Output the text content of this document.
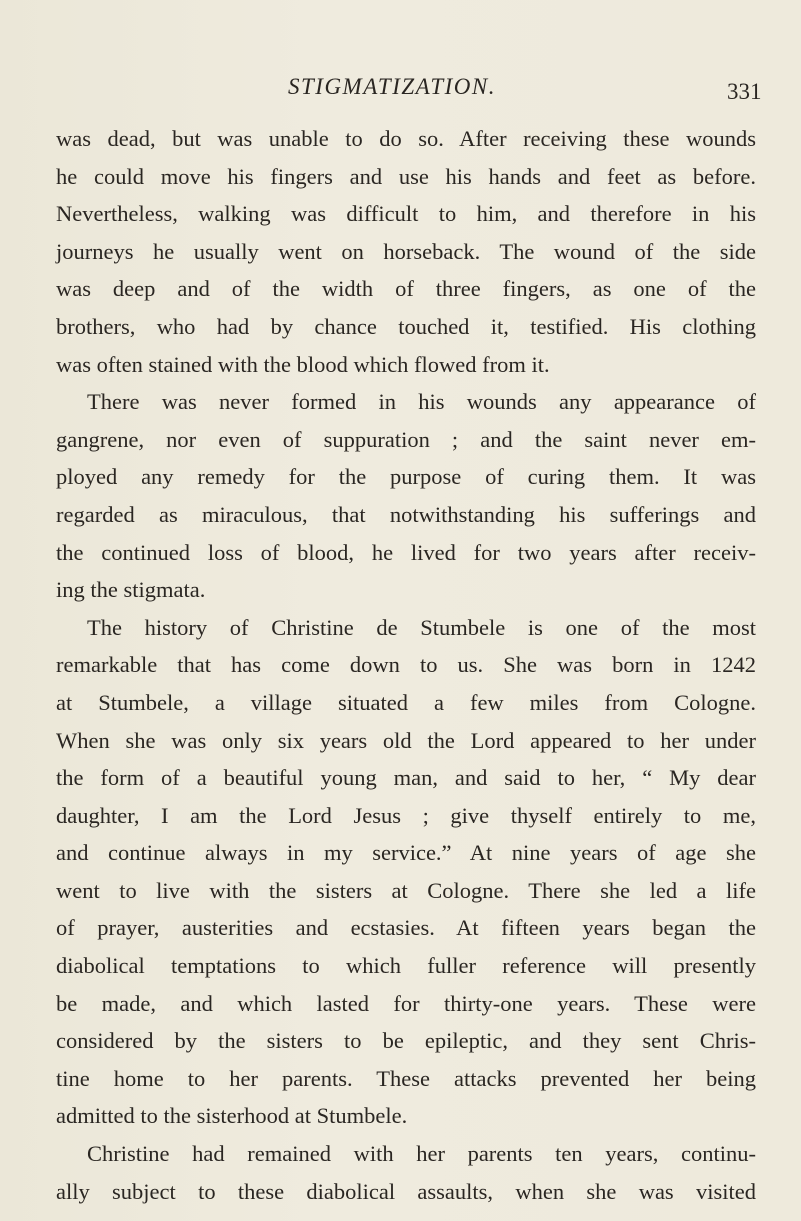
STIGMATIZATION.	331
was dead, but was unable to do so. After receiving these wounds
he could move his fingers and use his hands and feet as before.
Nevertheless, walking was difficult to him, and therefore in his
journeys he usually went on horseback. The wound of the side
was deep and of the width of three fingers, as one of the
brothers, who had by chance touched it, testified. His clothing
was often stained with the blood which flowed from it.
There was never formed in his wounds any appearance of
gangrene, nor even of suppuration ; and the saint never em-
ployed any remedy for the purpose of curing them. It was
regarded as miraculous, that notwithstanding his sufferings and
the continued loss of blood, he lived for two years after receiv-
ing the stigmata.
The history of Christine de Stumbele is one of the most
remarkable that has come down to us. She was born in 1242
at Stumbele, a village situated a few miles from Cologne.
When she was only six years old the Lord appeared to her under
the form of a beautiful young man, and said to her, “ My dear
daughter, I am the Lord Jesus ; give thyself entirely to me,
and continue always in my service.” At nine years of age she
went to live with the sisters at Cologne. There she led a life
of prayer, austerities and ecstasies. At fifteen years began the
diabolical temptations to which fuller reference will presently
be made, and which lasted for thirty-one years. These were
considered by the sisters to be epileptic, and they sent Chris-
tine home to her parents. These attacks prevented her being
admitted to the sisterhood at Stumbele.
Christine had remained with her parents ten years, continu-
ally subject to these diabolical assaults, when she was visited
